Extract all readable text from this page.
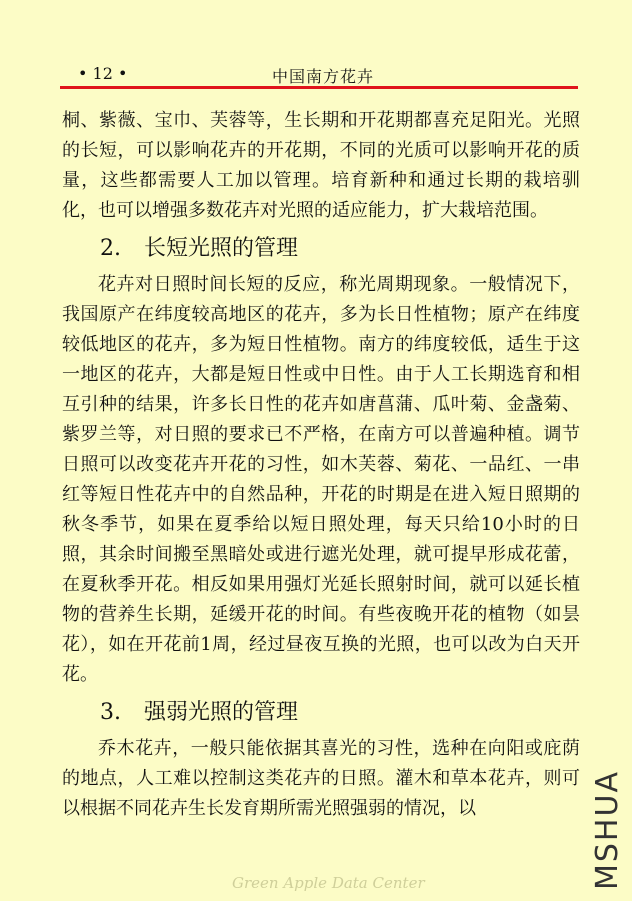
• 12 •	中国南方花卉

桐、紫薇、宝巾、芙蓉等，生长期和开花期都喜充足阳光。光照的长短，可以影响花卉的开花期，不同的光质可以影响开花的质量，这些都需要人工加以管理。培育新种和通过长期的栽培驯化，也可以增强多数花卉对光照的适应能力，扩大栽培范围。

2. 长短光照的管理

花卉对日照时间长短的反应，称光周期现象。一般情况下，我国原产在纬度较高地区的花卉，多为长日性植物；原产在纬度较低地区的花卉，多为短日性植物。南方的纬度较低，适生于这一地区的花卉，大都是短日性或中日性。由于人工长期选育和相互引种的结果，许多长日性的花卉如唐菖蒲、瓜叶菊、金盏菊、紫罗兰等，对日照的要求已不严格，在南方可以普遍种植。调节日照可以改变花卉开花的习性，如木芙蓉、菊花、一品红、一串红等短日性花卉中的自然品种，开花的时期是在进入短日照期的秋冬季节，如果在夏季给以短日照处理，每天只给10小时的日照，其余时间搬至黑暗处或进行遮光处理，就可提早形成花蕾，在夏秋季开花。相反如果用强灯光延长照射时间，就可以延长植物的营养生长期，延缓开花的时间。有些夜晚开花的植物（如昙花），如在开花前1周，经过昼夜互换的光照，也可以改为白天开花。

3. 强弱光照的管理

乔木花卉，一般只能依据其喜光的习性，选种在向阳或庇荫的地点，人工难以控制这类花卉的日照。灌木和草本花卉，则可以根据不同花卉生长发育期所需光照强弱的情况，以

Green Apple Data Center	MSHUA
